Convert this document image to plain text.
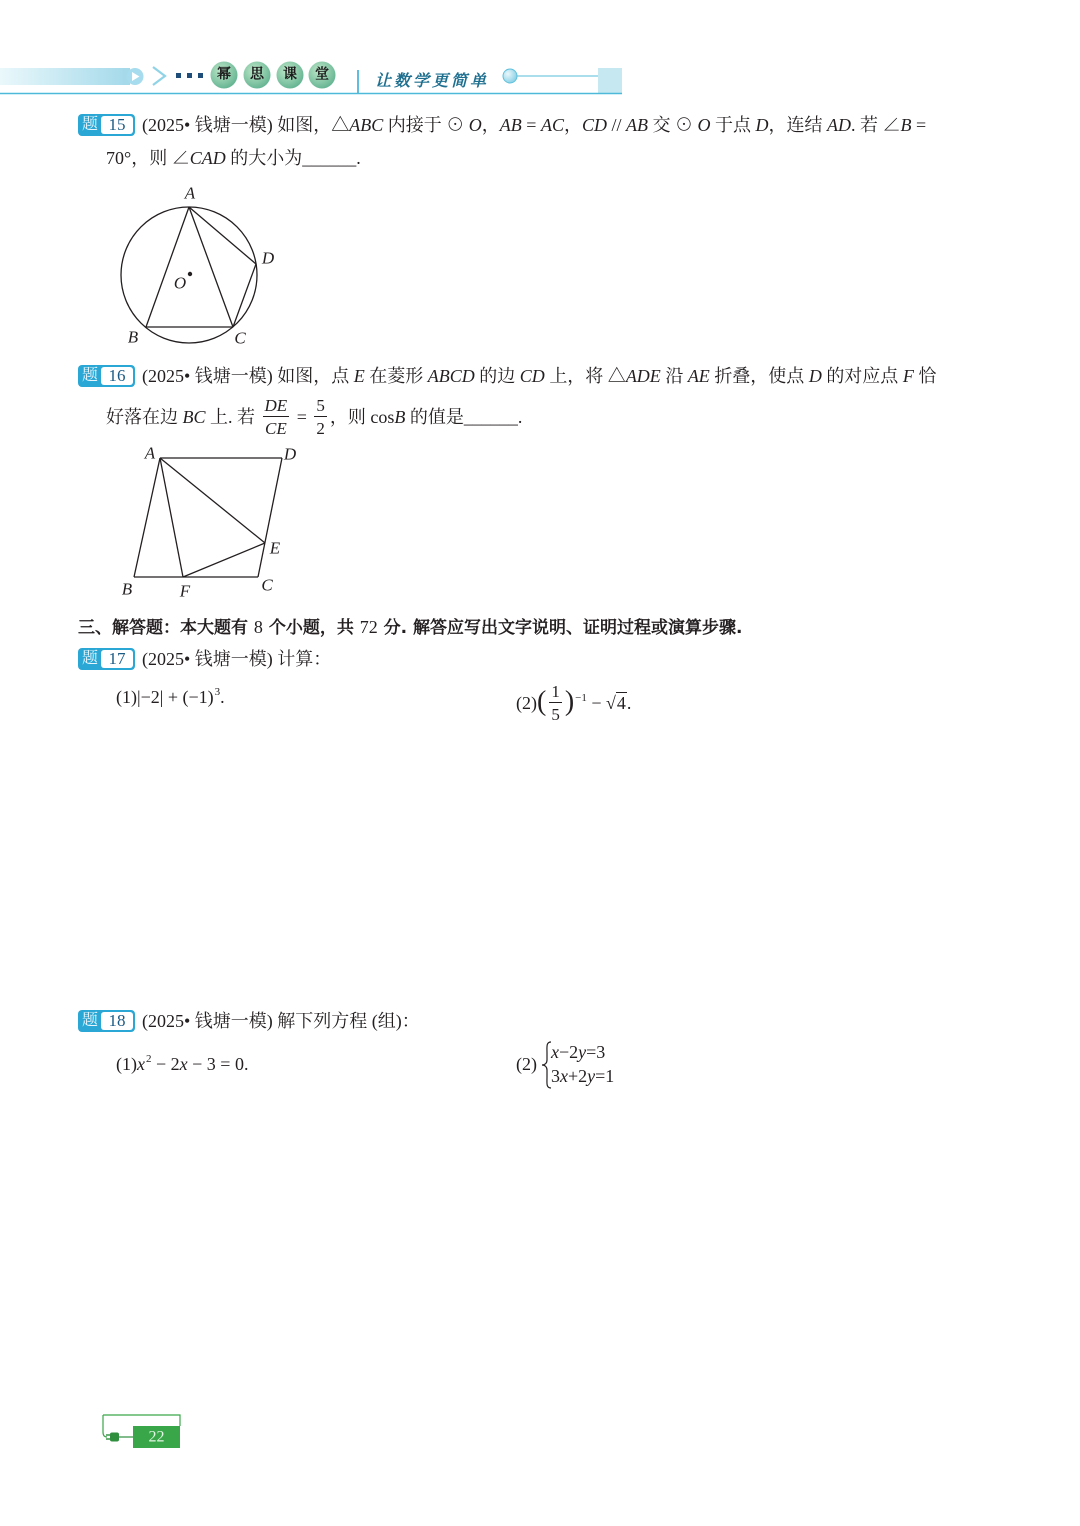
幂 思 课 堂	让数学更简单
题 15 (2025• 钱塘一模) 如图，△ABC 内接于 ⊙ O，AB = AC，CD // AB 交 ⊙ O 于点 D，连结 AD. 若 ∠B =
70°，则 ∠CAD 的大小为______.
A
D
O
B	C
题 16 (2025• 钱塘一模) 如图，点 E 在菱形 ABCD 的边 CD 上，将 △ADE 沿 AE 折叠，使点 D 的对应点 F 恰
好落在边 BC 上. 若 $\frac{DE}{CE} = \frac{5}{2}$ ，则 cosB 的值是______.
A	D
E
B	F	C
三、解答题：本大题有 8 个小题，共 72 分. 解答应写出文字说明、证明过程或演算步骤.
题 17 (2025• 钱塘一模) 计算：
$(1)|-2| + (-1)^3$.	$(2)( \frac{1}{5} )^{-1} - √4$.
题 18 (2025• 钱塘一模) 解下列方程 (组)：
$(1)x^2 - 2x - 3 = 0$.	(2)
x−2y=3
3x+2y=1
22
